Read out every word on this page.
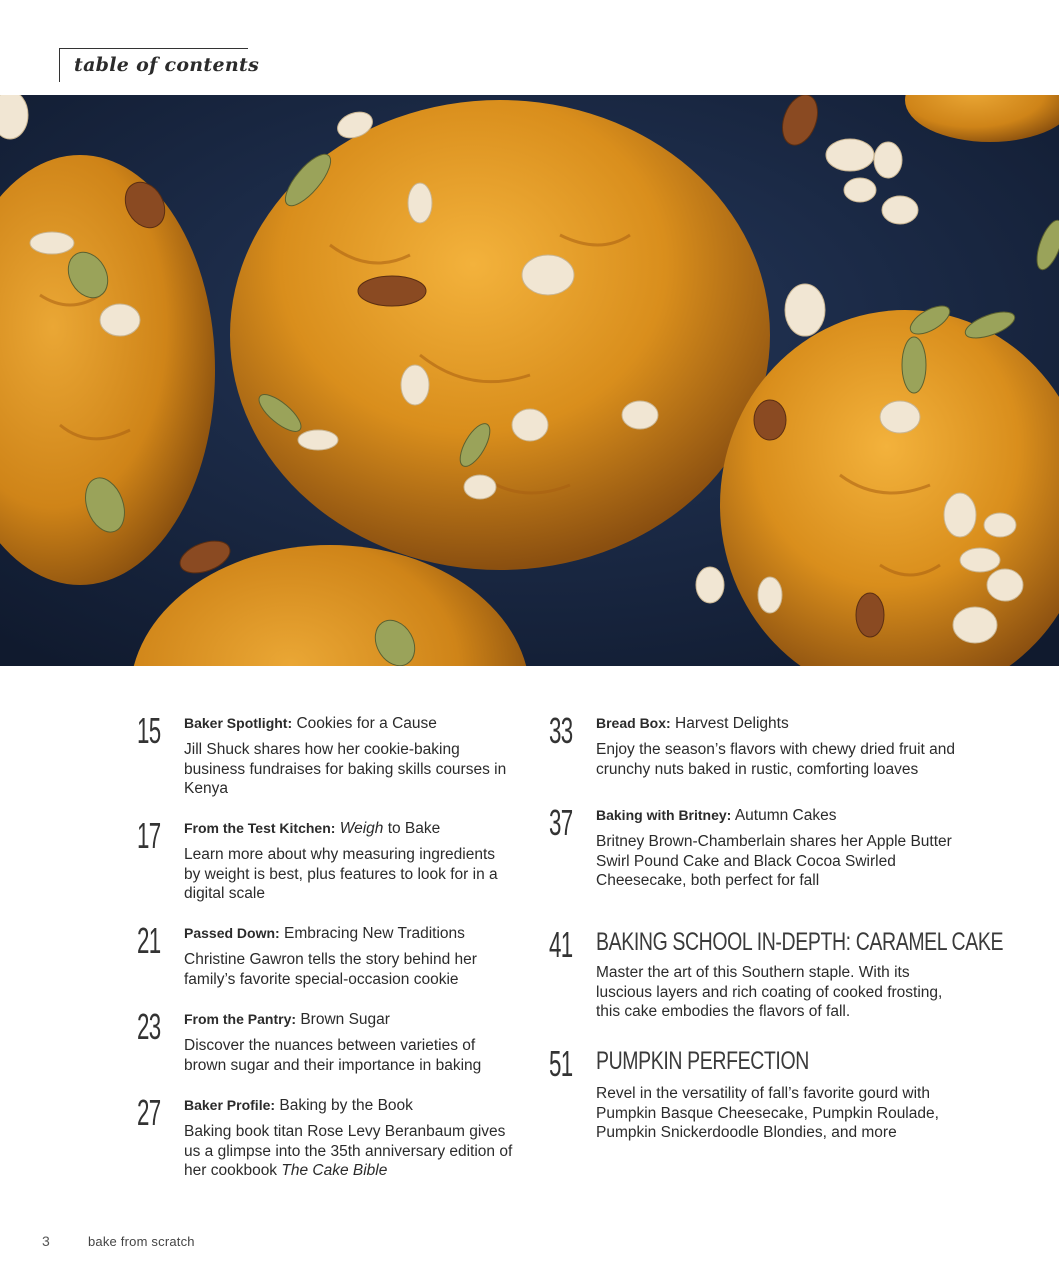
table of contents
15 Baker Spotlight: Cookies for a Cause
Jill Shuck shares how her cookie-baking business fundraises for baking skills courses in Kenya
17 From the Test Kitchen: Weigh to Bake
Learn more about why measuring ingredients by weight is best, plus features to look for in a digital scale
21 Passed Down: Embracing New Traditions
Christine Gawron tells the story behind her family’s favorite special-occasion cookie
23 From the Pantry: Brown Sugar
Discover the nuances between varieties of brown sugar and their importance in baking
27 Baker Profile: Baking by the Book
Baking book titan Rose Levy Beranbaum gives us a glimpse into the 35th anniversary edition of her cookbook The Cake Bible
33 Bread Box: Harvest Delights
Enjoy the season’s flavors with chewy dried fruit and crunchy nuts baked in rustic, comforting loaves
37 Baking with Britney: Autumn Cakes
Britney Brown-Chamberlain shares her Apple Butter Swirl Pound Cake and Black Cocoa Swirled Cheesecake, both perfect for fall
41 BAKING SCHOOL IN-DEPTH: CARAMEL CAKE
Master the art of this Southern staple. With its luscious layers and rich coating of cooked frosting, this cake embodies the flavors of fall.
51 PUMPKIN PERFECTION
Revel in the versatility of fall’s favorite gourd with Pumpkin Basque Cheesecake, Pumpkin Roulade, Pumpkin Snickerdoodle Blondies, and more
3	bake from scratch
